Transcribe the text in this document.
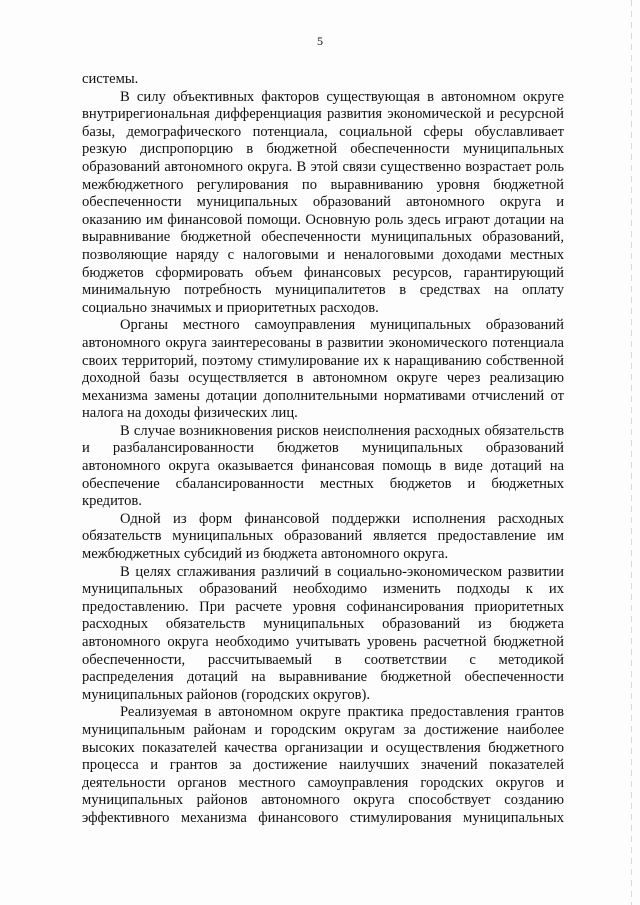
5

системы.

В силу объективных факторов существующая в автономном округе внутрирегиональная дифференциация развития экономической и ресурсной базы, демографического потенциала, социальной сферы обуславливает резкую диспропорцию в бюджетной обеспеченности муниципальных образований автономного округа. В этой связи существенно возрастает роль межбюджетного регулирования по выравниванию уровня бюджетной обеспеченности муниципальных образований автономного округа и оказанию им финансовой помощи. Основную роль здесь играют дотации на выравнивание бюджетной обеспеченности муниципальных образований, позволяющие наряду с налоговыми и неналоговыми доходами местных бюджетов сформировать объем финансовых ресурсов, гарантирующий минимальную потребность муниципалитетов в средствах на оплату социально значимых и приоритетных расходов.

Органы местного самоуправления муниципальных образований автономного округа заинтересованы в развитии экономического потенциала своих территорий, поэтому стимулирование их к наращиванию собственной доходной базы осуществляется в автономном округе через реализацию механизма замены дотации дополнительными нормативами отчислений от налога на доходы физических лиц.

В случае возникновения рисков неисполнения расходных обязательств и разбалансированности бюджетов муниципальных образований автономного округа оказывается финансовая помощь в виде дотаций на обеспечение сбалансированности местных бюджетов и бюджетных кредитов.

Одной из форм финансовой поддержки исполнения расходных обязательств муниципальных образований является предоставление им межбюджетных субсидий из бюджета автономного округа.

В целях сглаживания различий в социально-экономическом развитии муниципальных образований необходимо изменить подходы к их предоставлению. При расчете уровня софинансирования приоритетных расходных обязательств муниципальных образований из бюджета автономного округа необходимо учитывать уровень расчетной бюджетной обеспеченности, рассчитываемый в соответствии с методикой распределения дотаций на выравнивание бюджетной обеспеченности муниципальных районов (городских округов).

Реализуемая в автономном округе практика предоставления грантов муниципальным районам и городским округам за достижение наиболее высоких показателей качества организации и осуществления бюджетного процесса и грантов за достижение наилучших значений показателей деятельности органов местного самоуправления городских округов и муниципальных районов автономного округа способствует созданию эффективного механизма финансового стимулирования муниципальных
